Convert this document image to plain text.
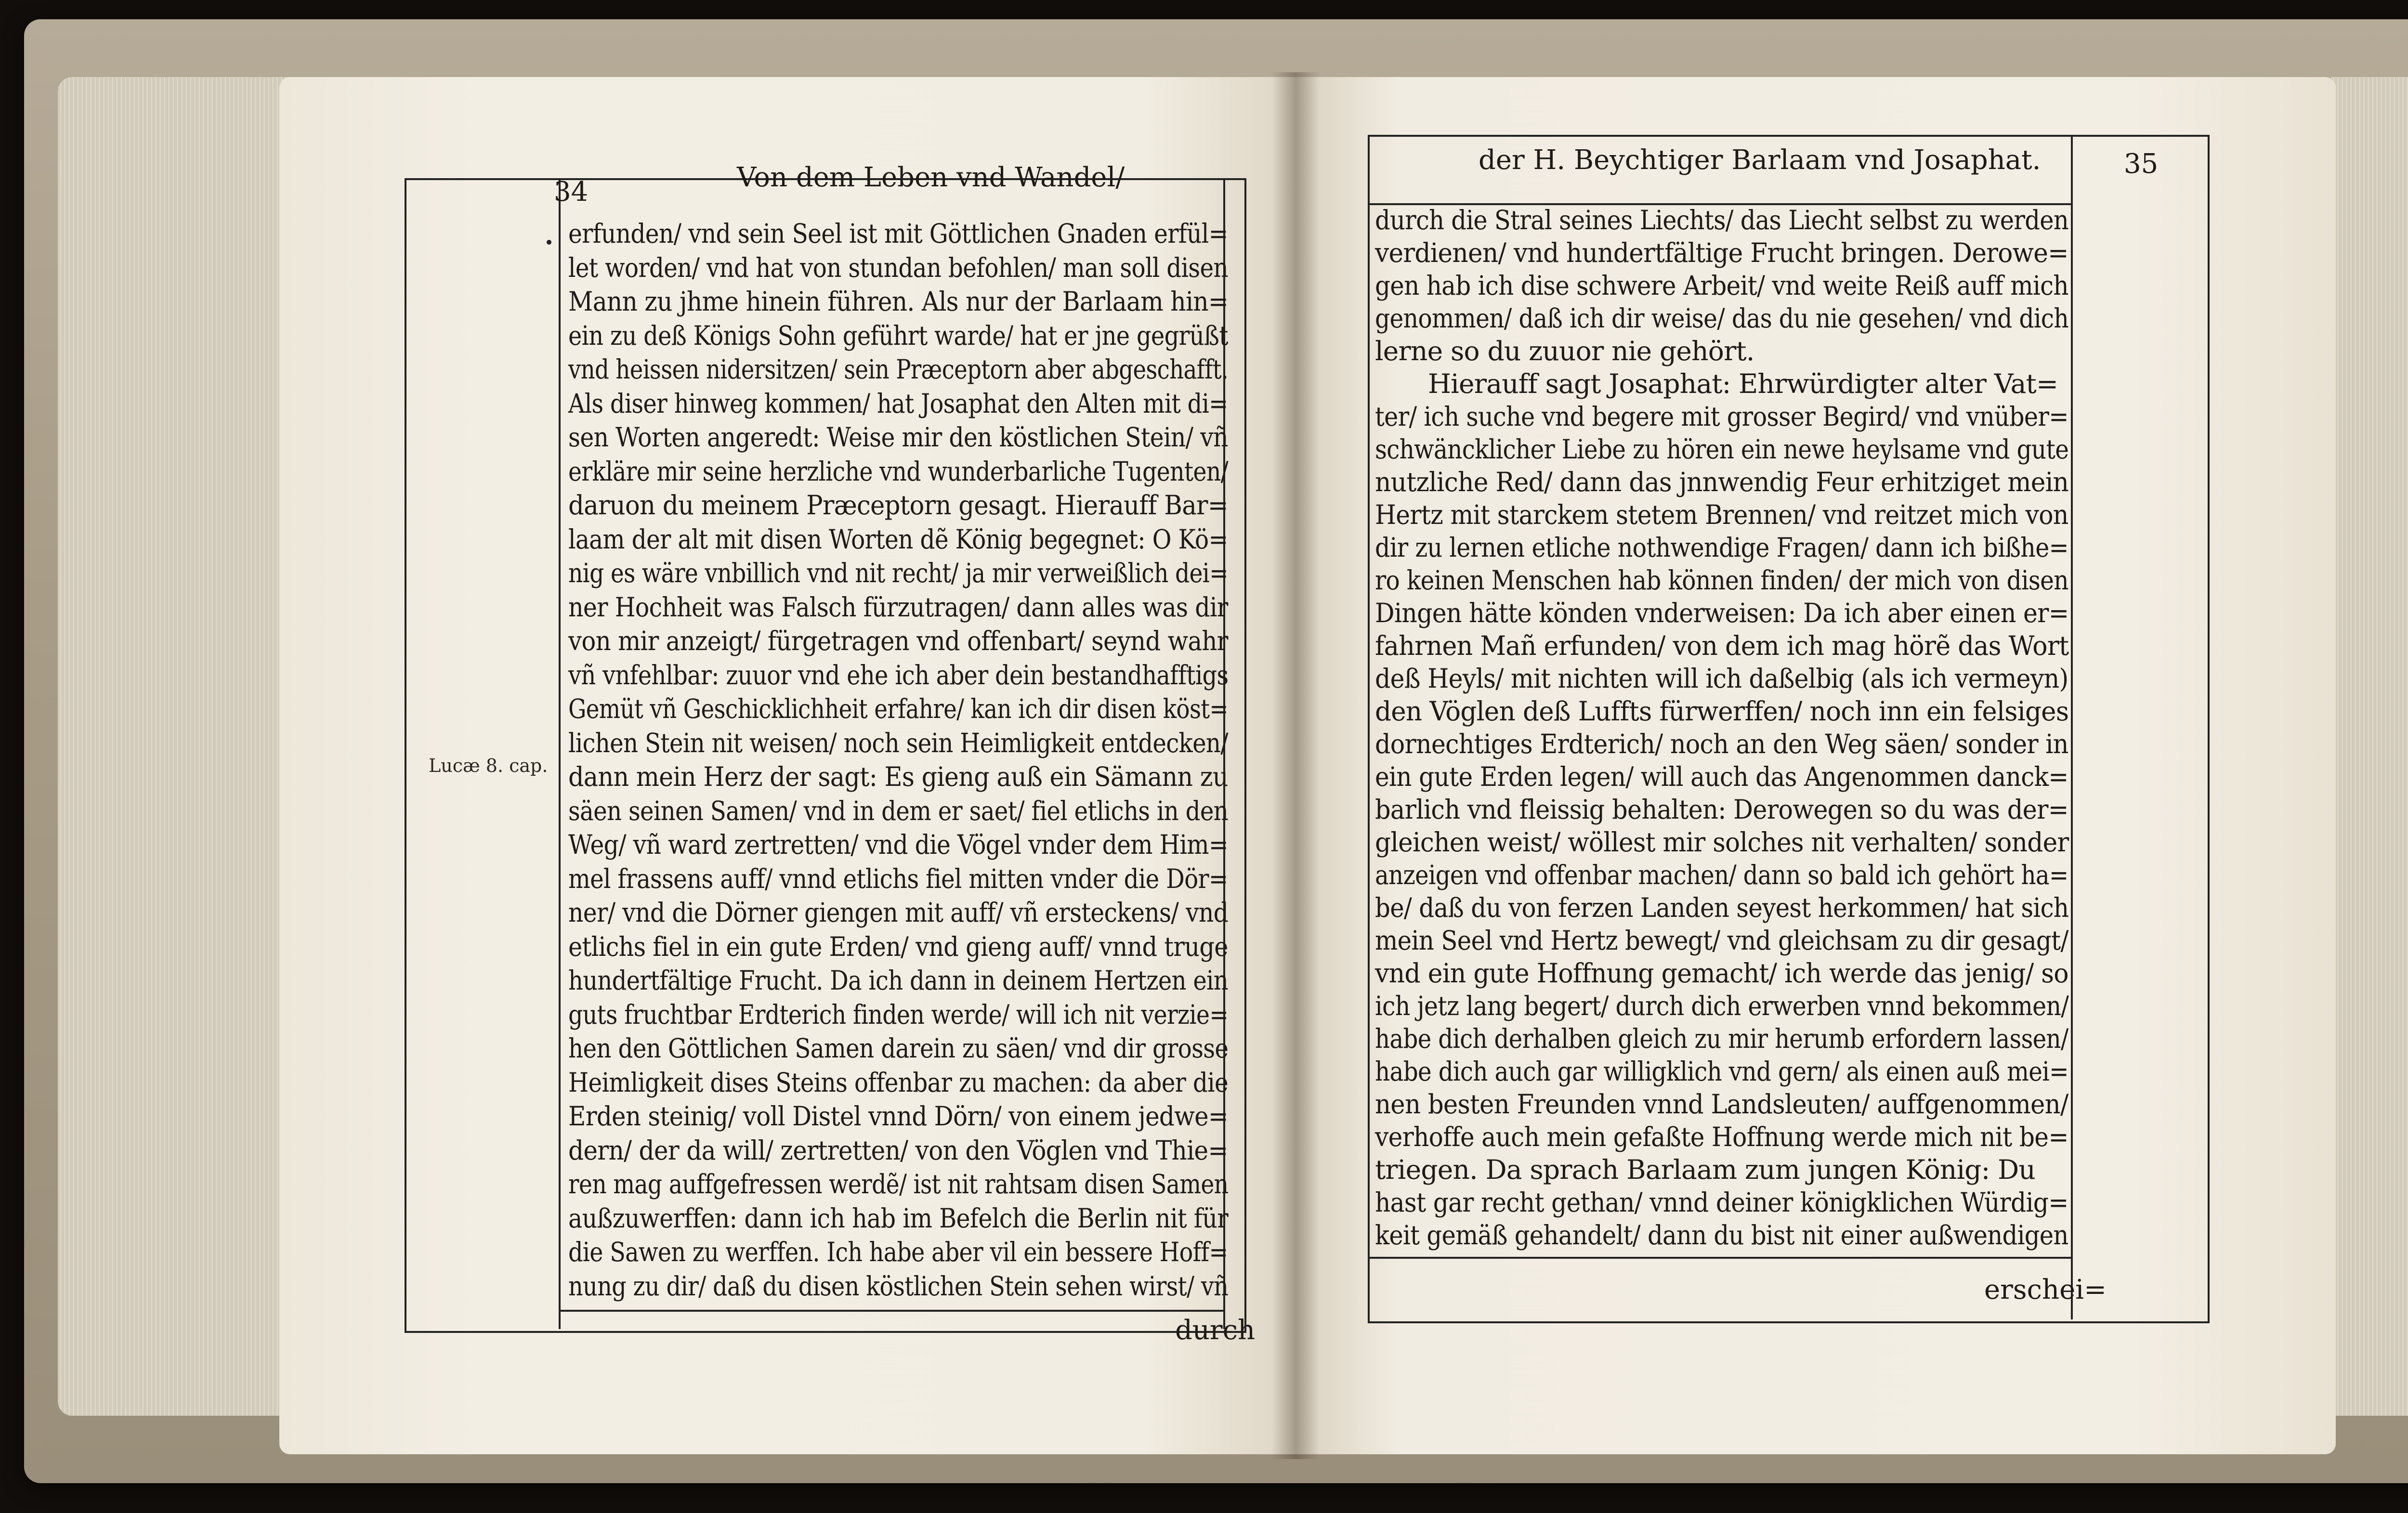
34	Von dem Leben vnd Wandel/
Lucæ 8. cap.
erfunden/ vnd sein Seel ist mit Göttlichen Gnaden erfül=
let worden/ vnd hat von stundan befohlen/ man soll disen
Mann zu jhme hinein führen. Als nur der Barlaam hin=
ein zu deß Königs Sohn geführt warde/ hat er jne gegrüßt
vnd heissen nidersitzen/ sein Præceptorn aber abgeschafft.
Als diser hinweg kommen/ hat Josaphat den Alten mit di=
sen Worten angeredt: Weise mir den köstlichen Stein/ vñ
erkläre mir seine herzliche vnd wunderbarliche Tugenten/
daruon du meinem Præceptorn gesagt. Hierauff Bar=
laam der alt mit disen Worten dẽ König begegnet: O Kö=
nig es wäre vnbillich vnd nit recht/ ja mir verweißlich dei=
ner Hochheit was Falsch fürzutragen/ dann alles was dir
von mir anzeigt/ fürgetragen vnd offenbart/ seynd wahr
vñ vnfehlbar: zuuor vnd ehe ich aber dein bestandhafftigs
Gemüt vñ Geschicklichheit erfahre/ kan ich dir disen köst=
lichen Stein nit weisen/ noch sein Heimligkeit entdecken/
dann mein Herz der sagt: Es gieng auß ein Sämann zu
säen seinen Samen/ vnd in dem er saet/ fiel etlichs in den
Weg/ vñ ward zertretten/ vnd die Vögel vnder dem Him=
mel frassens auff/ vnnd etlichs fiel mitten vnder die Dör=
ner/ vnd die Dörner giengen mit auff/ vñ ersteckens/ vnd
etlichs fiel in ein gute Erden/ vnd gieng auff/ vnnd truge
hundertfältige Frucht. Da ich dann in deinem Hertzen ein
guts fruchtbar Erdterich finden werde/ will ich nit verzie=
hen den Göttlichen Samen darein zu säen/ vnd dir grosse
Heimligkeit dises Steins offenbar zu machen: da aber die
Erden steinig/ voll Distel vnnd Dörn/ von einem jedwe=
dern/ der da will/ zertretten/ von den Vöglen vnd Thie=
ren mag auffgefressen werdẽ/ ist nit rahtsam disen Samen
außzuwerffen: dann ich hab im Befelch die Berlin nit für
die Sawen zu werffen. Ich habe aber vil ein bessere Hoff=
nung zu dir/ daß du disen köstlichen Stein sehen wirst/ vñ
durch
der H. Beychtiger Barlaam vnd Josaphat.	35
durch die Stral seines Liechts/ das Liecht selbst zu werden
verdienen/ vnd hundertfältige Frucht bringen. Derowe=
gen hab ich dise schwere Arbeit/ vnd weite Reiß auff mich
genommen/ daß ich dir weise/ das du nie gesehen/ vnd dich
lerne so du zuuor nie gehört.
Hierauff sagt Josaphat: Ehrwürdigter alter Vat=
ter/ ich suche vnd begere mit grosser Begird/ vnd vnüber=
schwäncklicher Liebe zu hören ein newe heylsame vnd gute
nutzliche Red/ dann das jnnwendig Feur erhitziget mein
Hertz mit starckem stetem Brennen/ vnd reitzet mich von
dir zu lernen etliche nothwendige Fragen/ dann ich bißhe=
ro keinen Menschen hab können finden/ der mich von disen
Dingen hätte könden vnderweisen: Da ich aber einen er=
fahrnen Mañ erfunden/ von dem ich mag hörẽ das Wort
deß Heyls/ mit nichten will ich daßelbig (als ich vermeyn)
den Vöglen deß Luffts fürwerffen/ noch inn ein felsiges
dornechtiges Erdterich/ noch an den Weg säen/ sonder in
ein gute Erden legen/ will auch das Angenommen danck=
barlich vnd fleissig behalten: Derowegen so du was der=
gleichen weist/ wöllest mir solches nit verhalten/ sonder
anzeigen vnd offenbar machen/ dann so bald ich gehört ha=
be/ daß du von ferzen Landen seyest herkommen/ hat sich
mein Seel vnd Hertz bewegt/ vnd gleichsam zu dir gesagt/
vnd ein gute Hoffnung gemacht/ ich werde das jenig/ so
ich jetz lang begert/ durch dich erwerben vnnd bekommen/
habe dich derhalben gleich zu mir herumb erfordern lassen/
habe dich auch gar willigklich vnd gern/ als einen auß mei=
nen besten Freunden vnnd Landsleuten/ auffgenommen/
verhoffe auch mein gefaßte Hoffnung werde mich nit be=
triegen. Da sprach Barlaam zum jungen König: Du
hast gar recht gethan/ vnnd deiner königklichen Würdig=
keit gemäß gehandelt/ dann du bist nit einer außwendigen
erschei=
